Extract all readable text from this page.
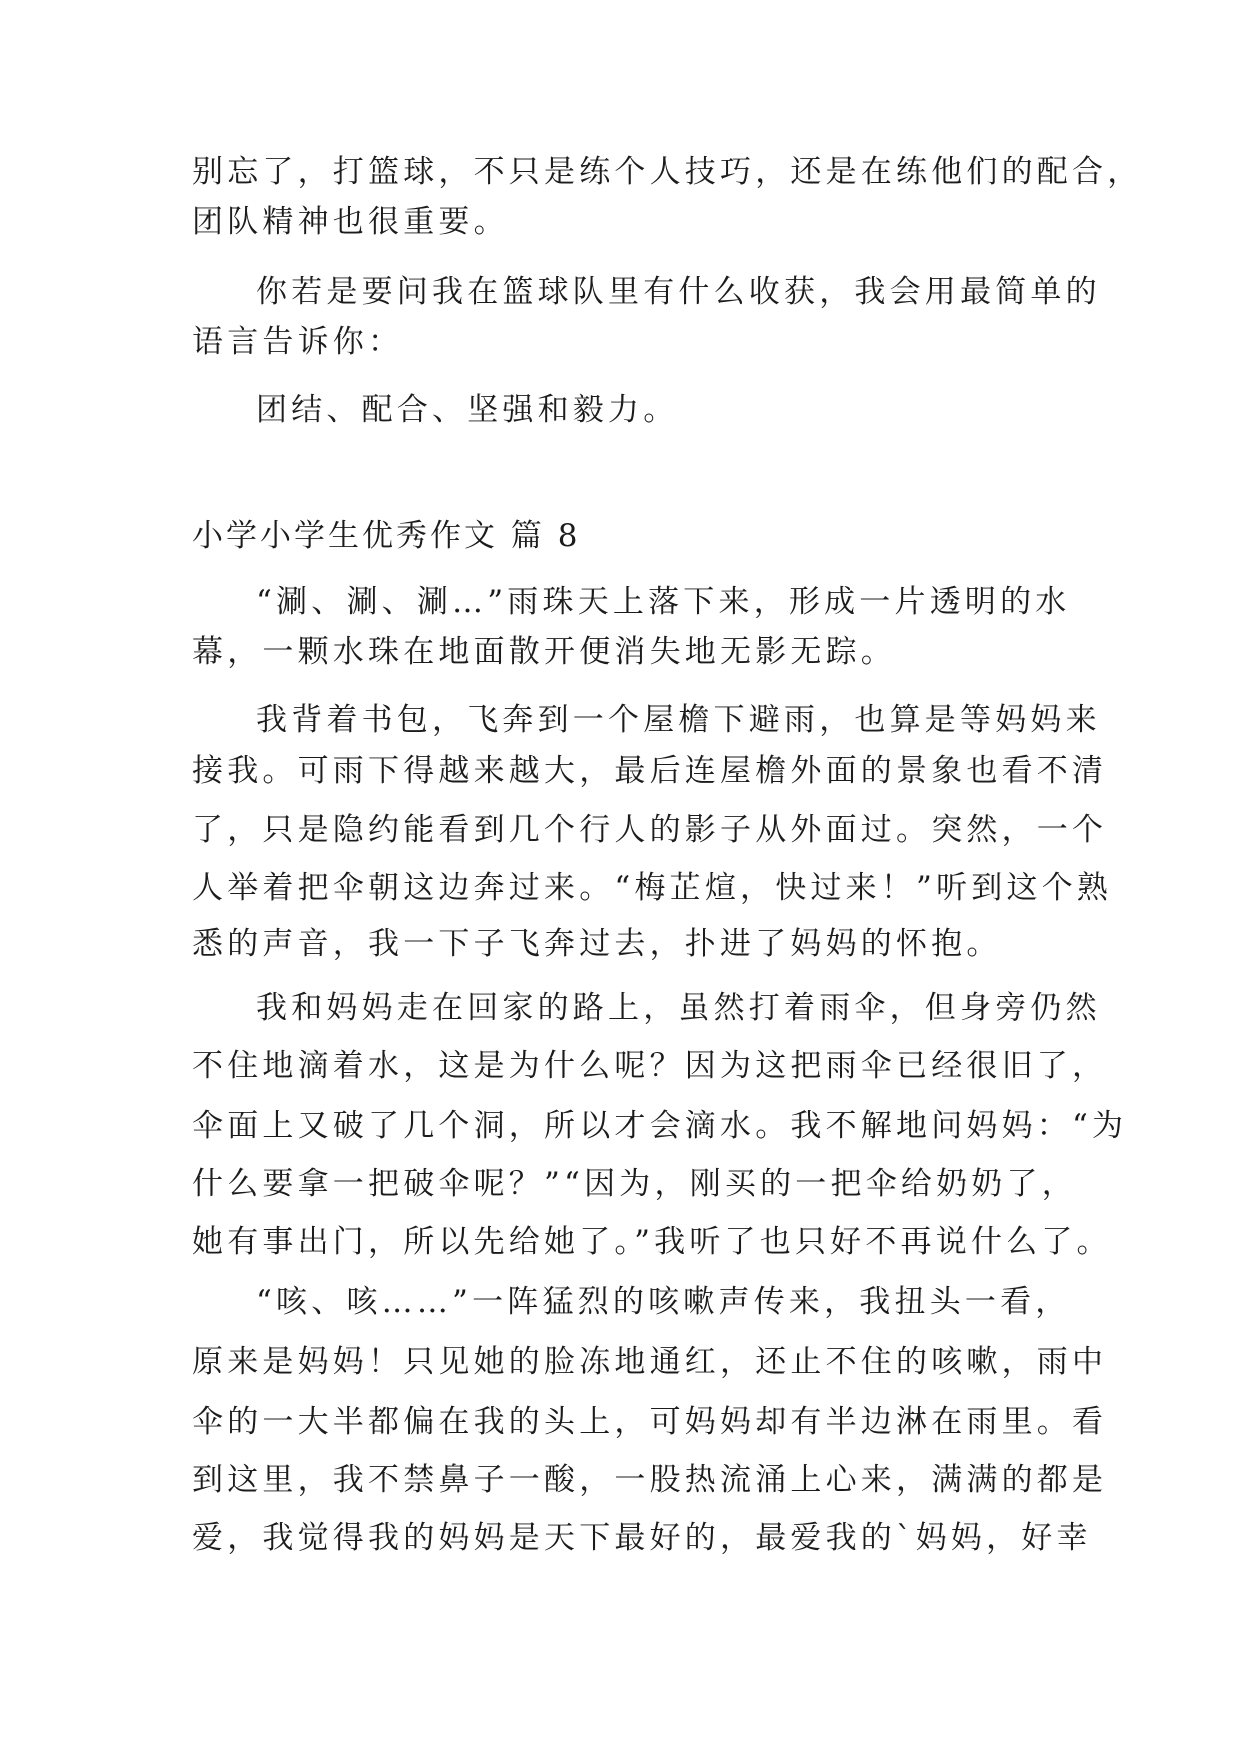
别忘了，打篮球，不只是练个人技巧，还是在练他们的配合，
团队精神也很重要。
你若是要问我在篮球队里有什么收获，我会用最简单的
语言告诉你：
团结、配合、坚强和毅力。
小学小学生优秀作文 篇 8
“涮、涮、涮…”雨珠天上落下来，形成一片透明的水
幕，一颗水珠在地面散开便消失地无影无踪。
我背着书包，飞奔到一个屋檐下避雨，也算是等妈妈来
接我。可雨下得越来越大，最后连屋檐外面的景象也看不清
了，只是隐约能看到几个行人的影子从外面过。突然，一个
人举着把伞朝这边奔过来。“梅芷煊，快过来！”听到这个熟
悉的声音，我一下子飞奔过去，扑进了妈妈的怀抱。
我和妈妈走在回家的路上，虽然打着雨伞，但身旁仍然
不住地滴着水，这是为什么呢？因为这把雨伞已经很旧了，
伞面上又破了几个洞，所以才会滴水。我不解地问妈妈：“为
什么要拿一把破伞呢？”“因为，刚买的一把伞给奶奶了，
她有事出门，所以先给她了。”我听了也只好不再说什么了。
“咳、咳……”一阵猛烈的咳嗽声传来，我扭头一看，
原来是妈妈！只见她的脸冻地通红，还止不住的咳嗽，雨中
伞的一大半都偏在我的头上，可妈妈却有半边淋在雨里。看
到这里，我不禁鼻子一酸，一股热流涌上心来，满满的都是
爱，我觉得我的妈妈是天下最好的，最爱我的`妈妈，好幸
